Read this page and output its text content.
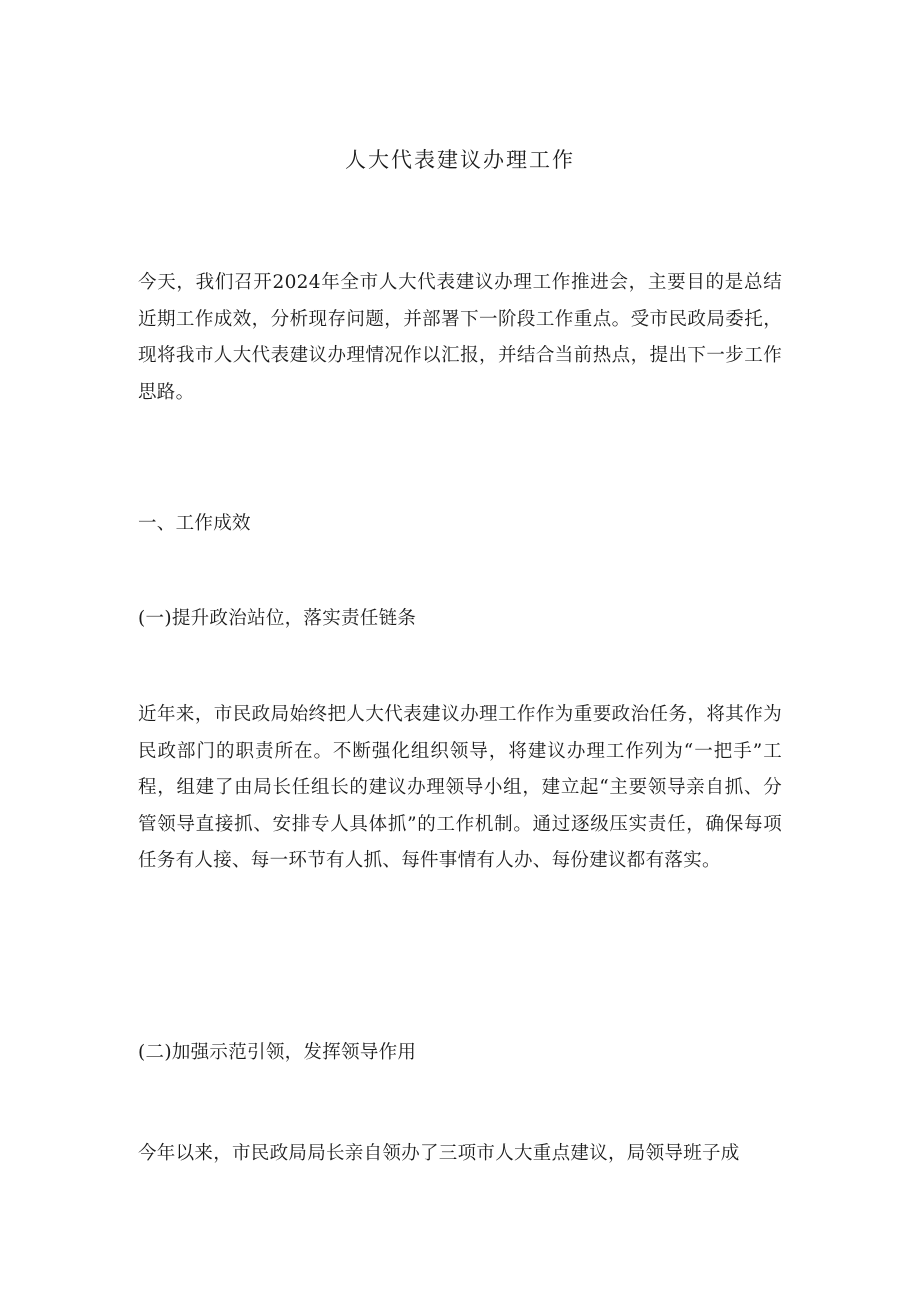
人大代表建议办理工作

今天，我们召开2024年全市人大代表建议办理工作推进会，主要目的是总结近期工作成效，分析现存问题，并部署下一阶段工作重点。受市民政局委托，现将我市人大代表建议办理情况作以汇报，并结合当前热点，提出下一步工作思路。

一、工作成效
(一)提升政治站位，落实责任链条

近年来，市民政局始终把人大代表建议办理工作作为重要政治任务，将其作为民政部门的职责所在。不断强化组织领导，将建议办理工作列为“一把手”工程，组建了由局长任组长的建议办理领导小组，建立起“主要领导亲自抓、分管领导直接抓、安排专人具体抓”的工作机制。通过逐级压实责任，确保每项任务有人接、每一环节有人抓、每件事情有人办、每份建议都有落实。

(二)加强示范引领，发挥领导作用

今年以来，市民政局局长亲自领办了三项市人大重点建议，局领导班子成
